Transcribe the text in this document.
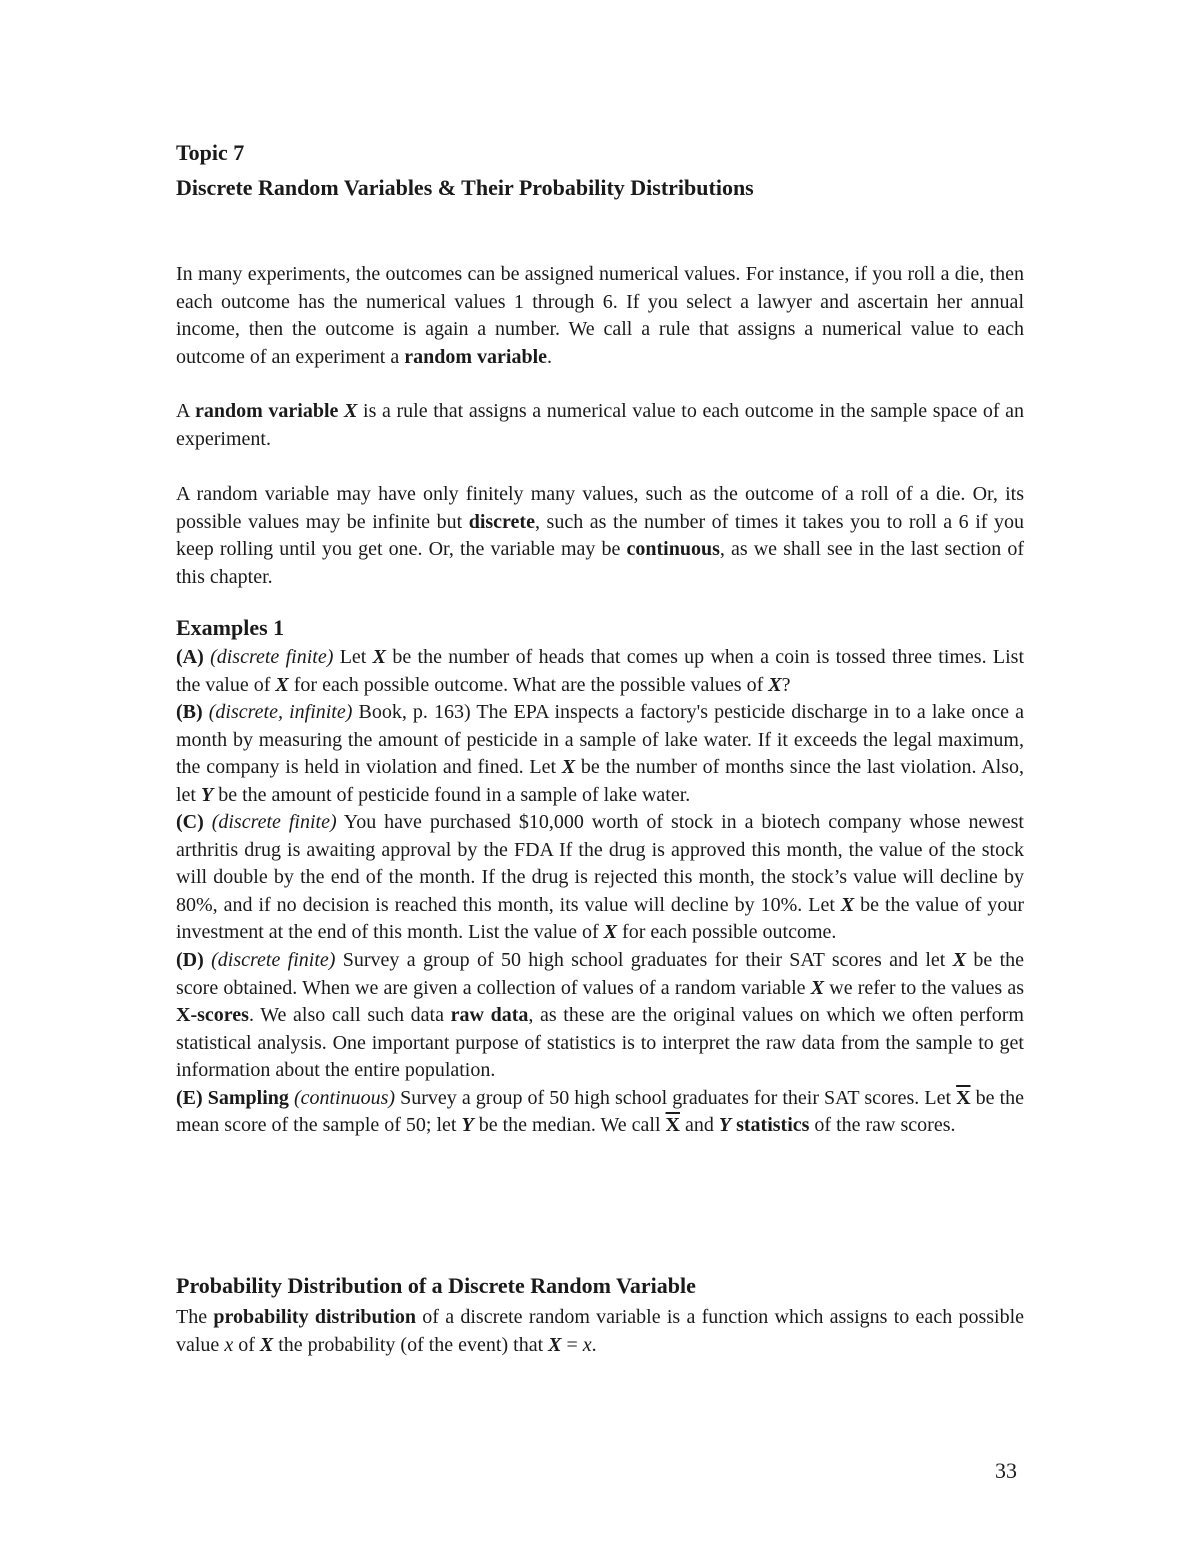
Topic 7

Discrete Random Variables & Their Probability Distributions

In many experiments, the outcomes can be assigned numerical values. For instance, if you roll a die, then each outcome has the numerical values 1 through 6. If you select a lawyer and ascertain her annual income, then the outcome is again a number. We call a rule that assigns a numerical value to each outcome of an experiment a random variable.

A random variable X is a rule that assigns a numerical value to each outcome in the sample space of an experiment.

A random variable may have only finitely many values, such as the outcome of a roll of a die. Or, its possible values may be infinite but discrete, such as the number of times it takes you to roll a 6 if you keep rolling until you get one. Or, the variable may be continuous, as we shall see in the last section of this chapter.

Examples 1

(A) (discrete finite) Let X be the number of heads that comes up when a coin is tossed three times. List the value of X for each possible outcome. What are the possible values of X?

(B) (discrete, infinite) Book, p. 163) The EPA inspects a factory's pesticide discharge in to a lake once a month by measuring the amount of pesticide in a sample of lake water. If it exceeds the legal maximum, the company is held in violation and fined. Let X be the number of months since the last violation. Also, let Y be the amount of pesticide found in a sample of lake water.

(C) (discrete finite) You have purchased $10,000 worth of stock in a biotech company whose newest arthritis drug is awaiting approval by the FDA If the drug is approved this month, the value of the stock will double by the end of the month. If the drug is rejected this month, the stock’s value will decline by 80%, and if no decision is reached this month, its value will decline by 10%. Let X be the value of your investment at the end of this month. List the value of X for each possible outcome.

(D) (discrete finite) Survey a group of 50 high school graduates for their SAT scores and let X be the score obtained. When we are given a collection of values of a random variable X we refer to the values as X-scores. We also call such data raw data, as these are the original values on which we often perform statistical analysis. One important purpose of statistics is to interpret the raw data from the sample to get information about the entire population.

(E) Sampling (continuous) Survey a group of 50 high school graduates for their SAT scores. Let $\overline{X}$ be the mean score of the sample of 50; let Y be the median. We call $\overline{X}$ and Y statistics of the raw scores.

Probability Distribution of a Discrete Random Variable

The probability distribution of a discrete random variable is a function which assigns to each possible value x of X the probability (of the event) that X = x.

33
